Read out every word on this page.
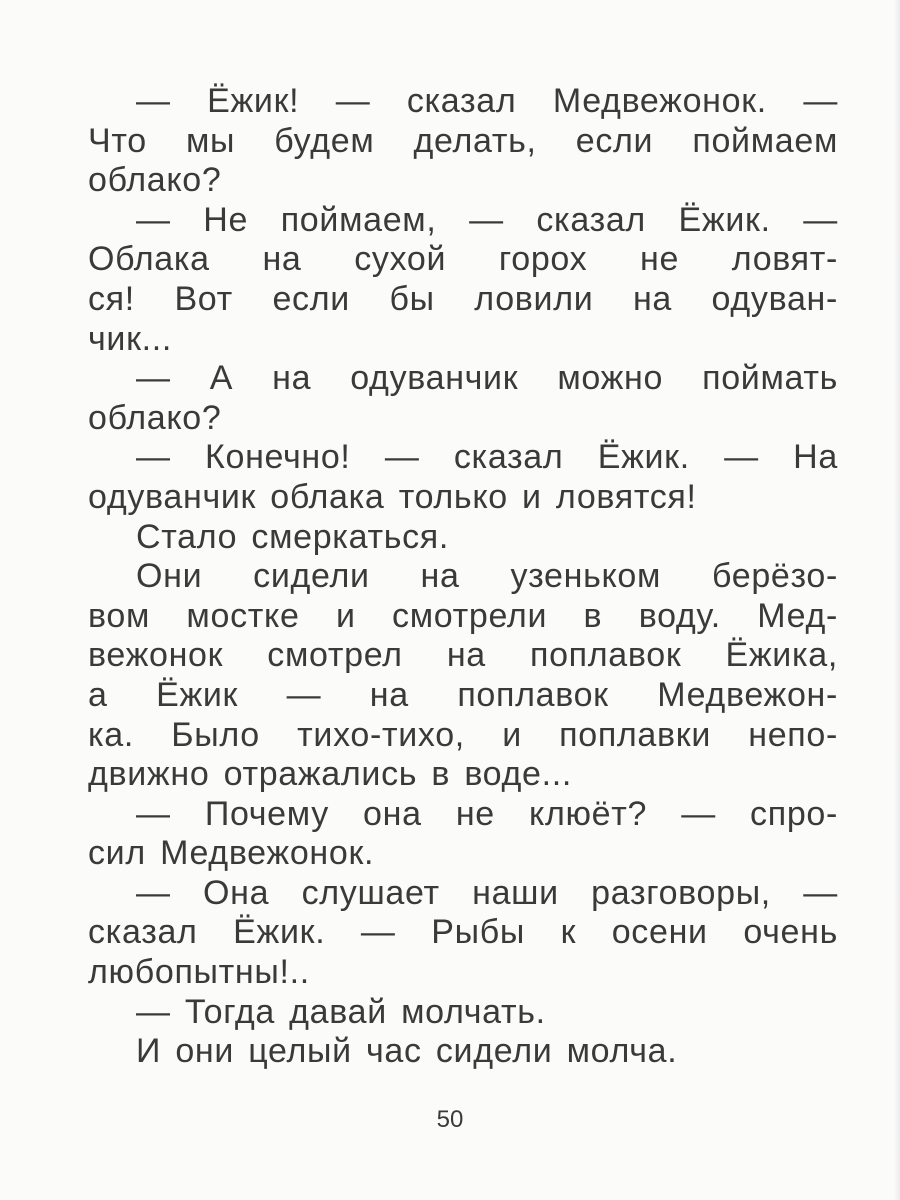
— Ёжик! — сказал Медвежонок. —
Что мы будем делать, если поймаем
облако?
— Не поймаем, — сказал Ёжик. —
Облака на сухой горох не ловят-
ся! Вот если бы ловили на одуван-
чик...
— А на одуванчик можно поймать
облако?
— Конечно! — сказал Ёжик. — На
одуванчик облака только и ловятся!
Стало смеркаться.
Они сидели на узеньком берёзо-
вом мостке и смотрели в воду. Мед-
вежонок смотрел на поплавок Ёжика,
а Ёжик — на поплавок Медвежон-
ка. Было тихо-тихо, и поплавки непо-
движно отражались в воде...
— Почему она не клюёт? — спро-
сил Медвежонок.
— Она слушает наши разговоры, —
сказал Ёжик. — Рыбы к осени очень
любопытны!..
— Тогда давай молчать.
И они целый час сидели молча.
50
